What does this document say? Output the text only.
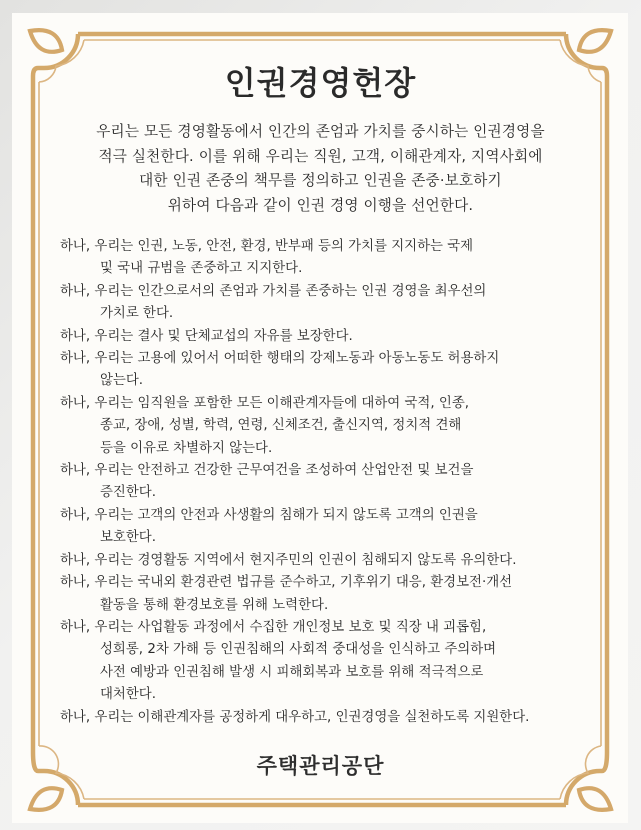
인권경영헌장
우리는 모든 경영활동에서 인간의 존엄과 가치를 중시하는 인권경영을
적극 실천한다. 이를 위해 우리는 직원, 고객, 이해관계자, 지역사회에
대한 인권 존중의 책무를 정의하고 인권을 존중·보호하기
위하여 다음과 같이 인권 경영 이행을 선언한다.
하나, 우리는 인권, 노동, 안전, 환경, 반부패 등의 가치를 지지하는 국제
및 국내 규범을 존중하고 지지한다.
하나, 우리는 인간으로서의 존엄과 가치를 존중하는 인권 경영을 최우선의
가치로 한다.
하나, 우리는 결사 및 단체교섭의 자유를 보장한다.
하나, 우리는 고용에 있어서 어떠한 행태의 강제노동과 아동노동도 허용하지
않는다.
하나, 우리는 임직원을 포함한 모든 이해관계자들에 대하여 국적, 인종,
종교, 장애, 성별, 학력, 연령, 신체조건, 출신지역, 정치적 견해
등을 이유로 차별하지 않는다.
하나, 우리는 안전하고 건강한 근무여건을 조성하여 산업안전 및 보건을
증진한다.
하나, 우리는 고객의 안전과 사생활의 침해가 되지 않도록 고객의 인권을
보호한다.
하나, 우리는 경영활동 지역에서 현지주민의 인권이 침해되지 않도록 유의한다.
하나, 우리는 국내외 환경관련 법규를 준수하고, 기후위기 대응, 환경보전·개선
활동을 통해 환경보호를 위해 노력한다.
하나, 우리는 사업활동 과정에서 수집한 개인정보 보호 및 직장 내 괴롭힘,
성희롱, 2차 가해 등 인권침해의 사회적 중대성을 인식하고 주의하며
사전 예방과 인권침해 발생 시 피해회복과 보호를 위해 적극적으로
대처한다.
하나, 우리는 이해관계자를 공정하게 대우하고, 인권경영을 실천하도록 지원한다.
주택관리공단
